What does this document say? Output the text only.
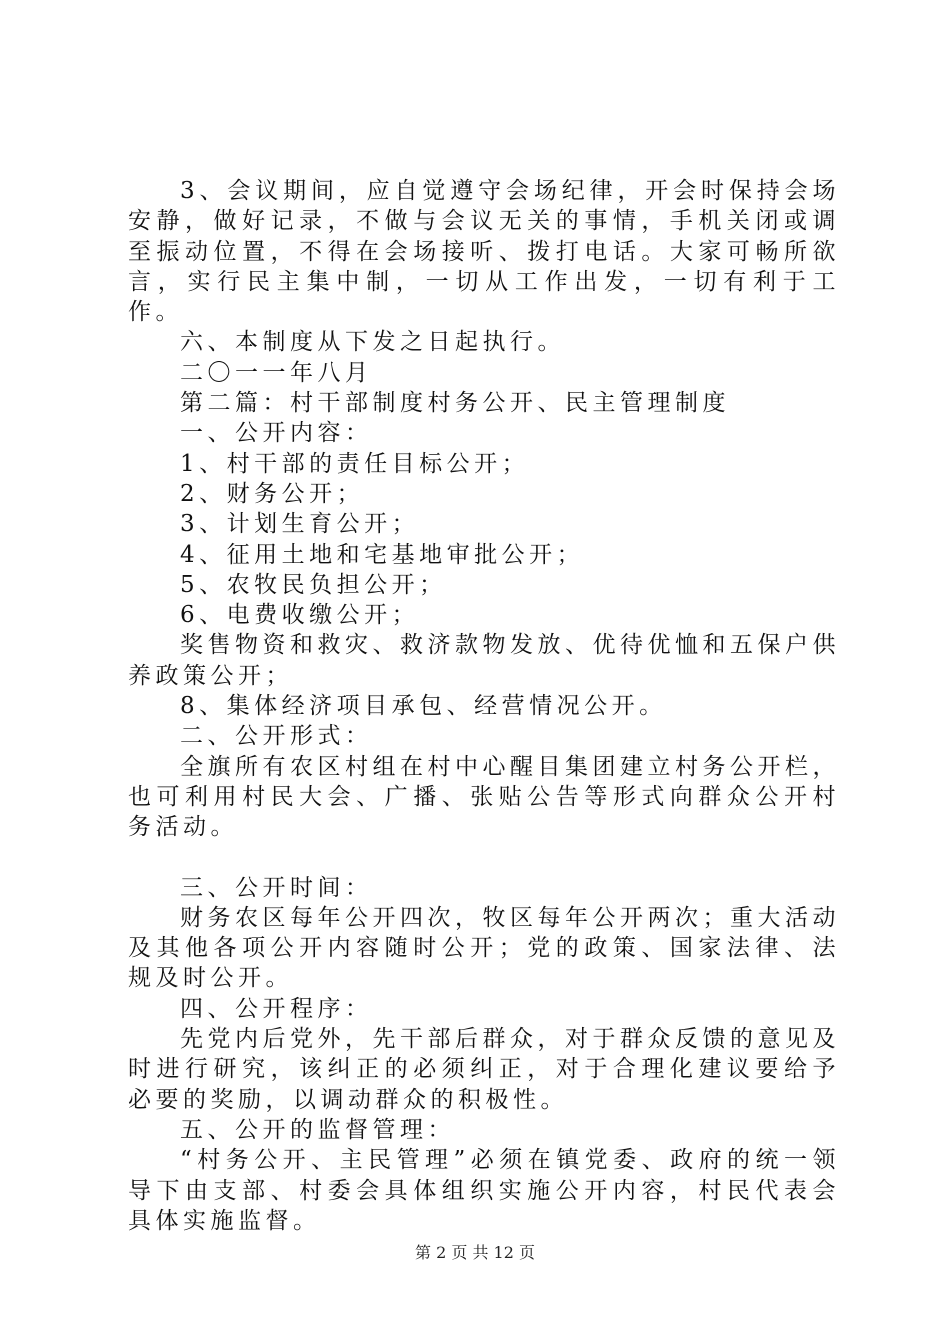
3、会议期间，应自觉遵守会场纪律，开会时保持会场安静，做好记录，不做与会议无关的事情，手机关闭或调至振动位置，不得在会场接听、拨打电话。大家可畅所欲言，实行民主集中制，一切从工作出发，一切有利于工作。

六、本制度从下发之日起执行。

二〇一一年八月

第二篇：村干部制度村务公开、民主管理制度

一、公开内容：

1、村干部的责任目标公开；

2、财务公开；

3、计划生育公开；

4、征用土地和宅基地审批公开；

5、农牧民负担公开；

6、电费收缴公开；

奖售物资和救灾、救济款物发放、优待优恤和五保户供养政策公开；

8、集体经济项目承包、经营情况公开。

二、公开形式：

全旗所有农区村组在村中心醒目集团建立村务公开栏，也可利用村民大会、广播、张贴公告等形式向群众公开村务活动。

三、公开时间：

财务农区每年公开四次，牧区每年公开两次；重大活动及其他各项公开内容随时公开；党的政策、国家法律、法规及时公开。

四、公开程序：

先党内后党外，先干部后群众，对于群众反馈的意见及时进行研究，该纠正的必须纠正，对于合理化建议要给予必要的奖励，以调动群众的积极性。

五、公开的监督管理：

“村务公开、主民管理”必须在镇党委、政府的统一领导下由支部、村委会具体组织实施公开内容，村民代表会具体实施监督。

第 2 页 共 12 页
